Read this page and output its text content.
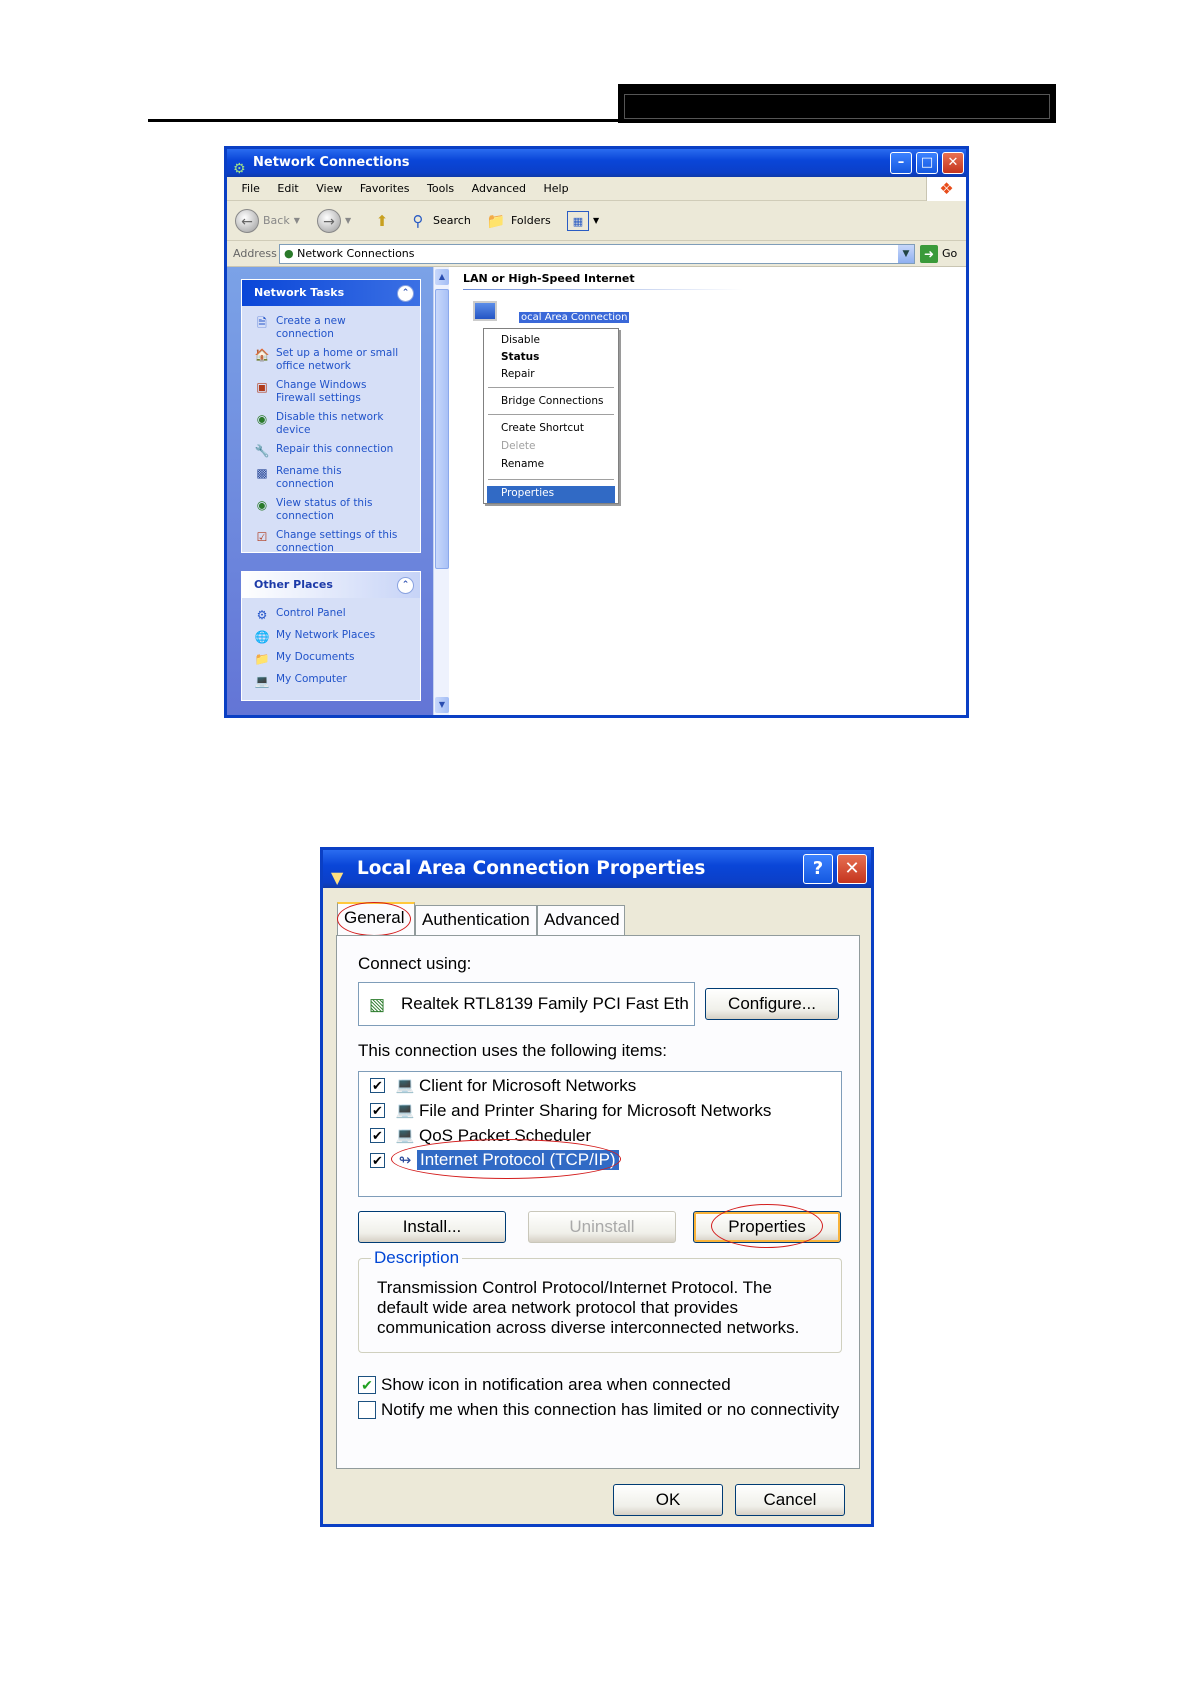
⚙ Network Connections	–	□	✕
File Edit View Favorites Tools Advanced Help	❖
← Back ▼	→	▼	⬆	⚲ Search 📁 Folders	▦	▼
Address ● Network Connections	▼	➜ Go
Network Tasks	⌃
🗎 Create a new connection
🏠 Set up a home or small office network
▣ Change Windows Firewall settings
◉ Disable this network device
🔧 Repair this connection
▩ Rename this connection
◉ View status of this connection
☑ Change settings of this connection
Other Places	⌃
⚙ Control Panel
🌐 My Network Places
📁 My Documents
💻 My Computer
▲
▼
LAN or High-Speed Internet
ocal Area Connection
Disable
Status
Repair
Bridge Connections
Create Shortcut
Delete
Rename
Properties
▼ Local Area Connection Properties	?	✕
General	Authentication Advanced
Connect using:
▧ Realtek RTL8139 Family PCI Fast Eth	Configure...
This connection uses the following items:
✔ 💻 Client for Microsoft Networks
✔ 💻 File and Printer Sharing for Microsoft Networks
✔ 💻 QoS Packet Scheduler
✔ ↬ Internet Protocol (TCP/IP)
Install...	Uninstall	Properties
Description
Transmission Control Protocol/Internet Protocol. The default wide area network protocol that provides communication across diverse interconnected networks.
✔ Show icon in notification area when connected
Notify me when this connection has limited or no connectivity
OK	Cancel
